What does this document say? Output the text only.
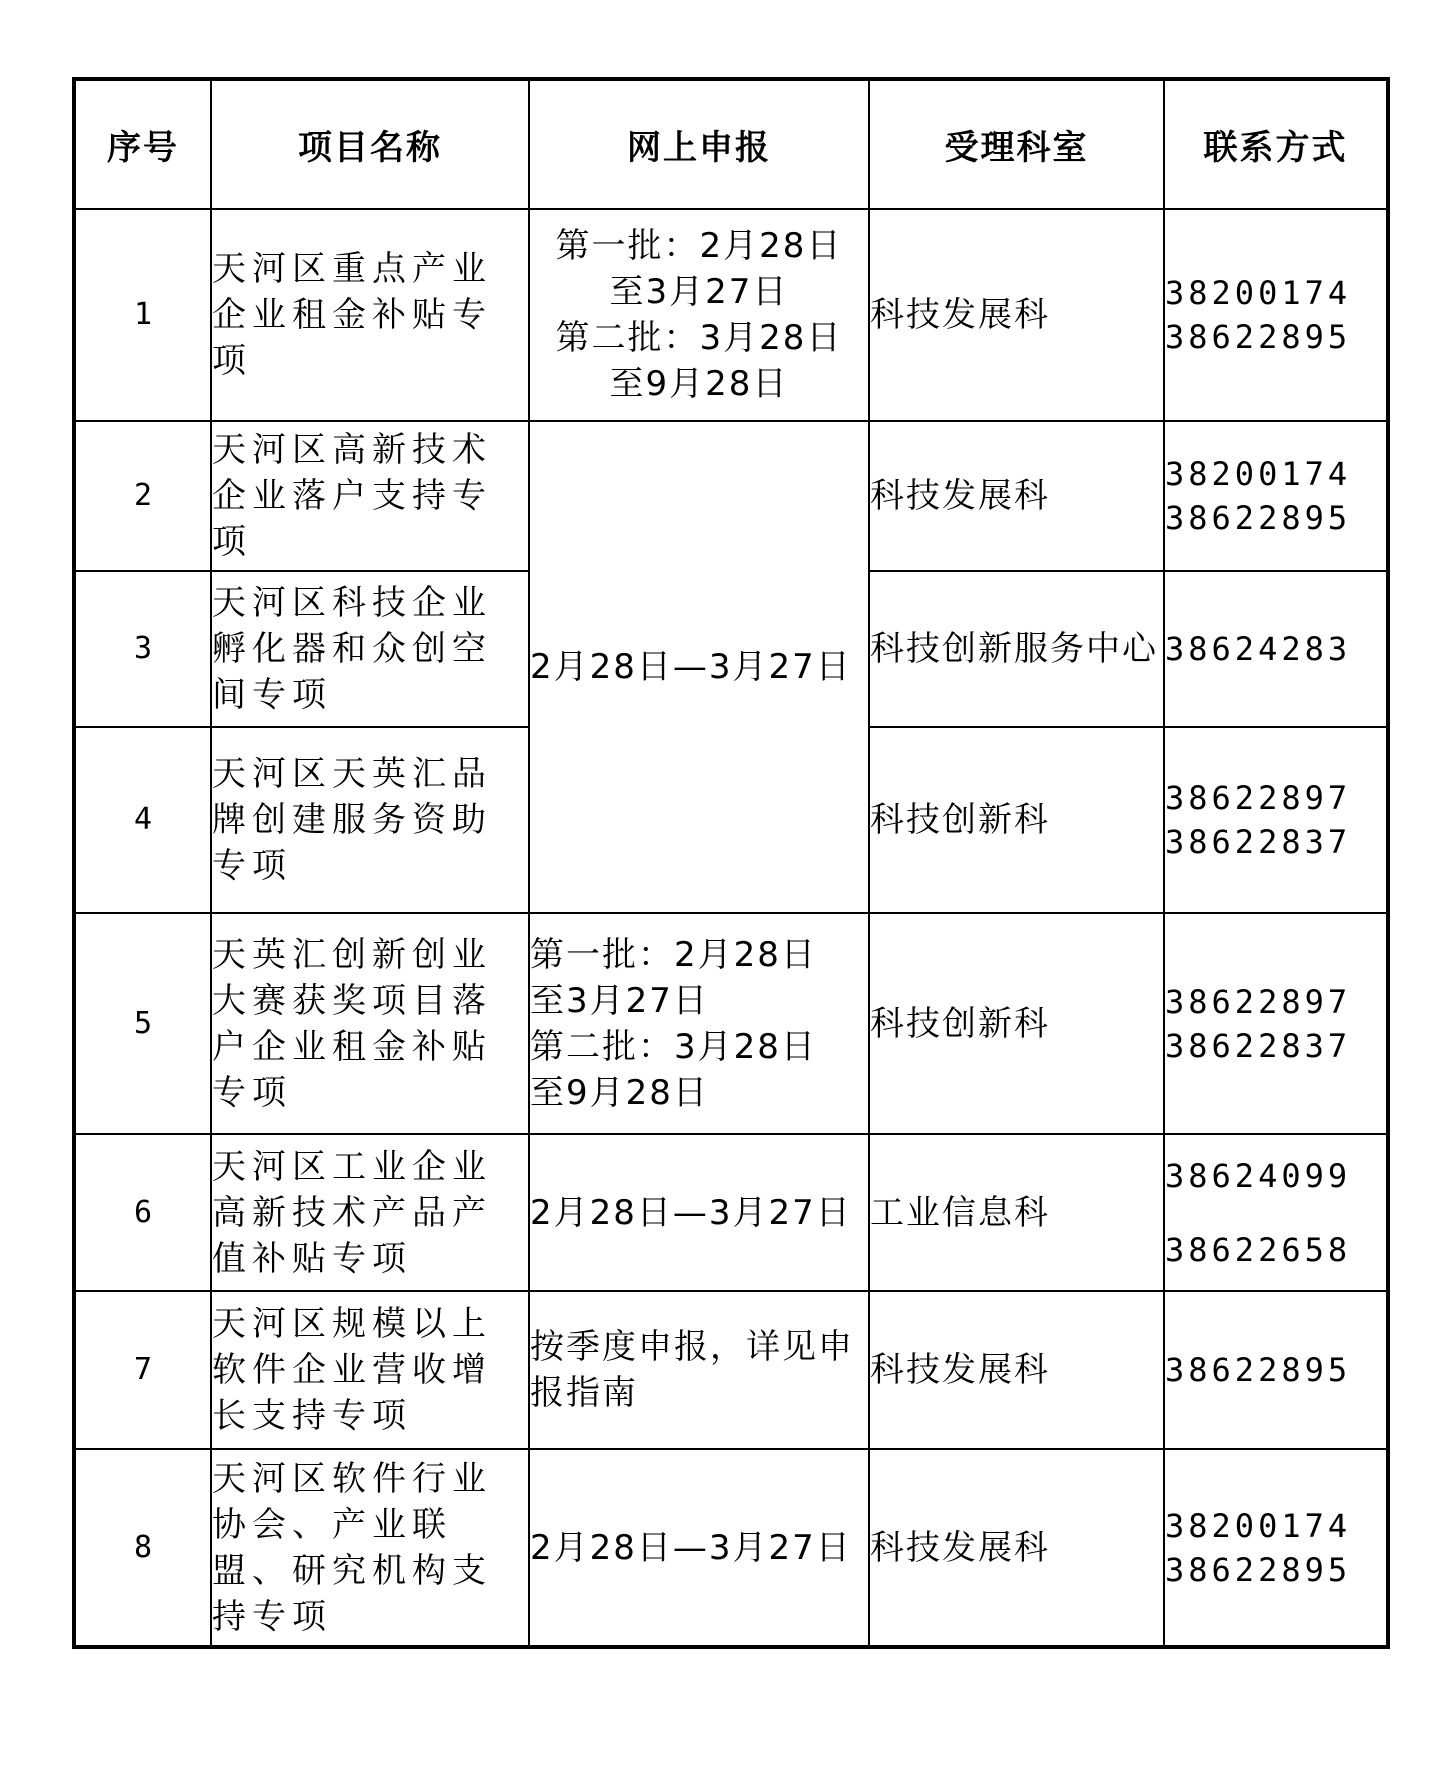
序号	项目名称	网上申报	受理科室	联系方式
1	天河区重点产业企业租金补贴专项	第一批：2月28日
至3月27日
第二批：3月28日
至9月28日	科技发展科	38200174
38622895

2	天河区高新技术企业落户支持专项	2月28日—3月27日	科技发展科	38200174
38622895

3	天河区科技企业孵化器和众创空间专项		科技创新服务中心	38624283

4	天河区天英汇品牌创建服务资助专项		科技创新科	38622897
38622837

5	天英汇创新创业大赛获奖项目落户企业租金补贴专项	第一批：2月28日
至3月27日
第二批：3月28日
至9月28日	科技创新科	38622897
38622837

6	天河区工业企业高新技术产品产值补贴专项	2月28日—3月27日	工业信息科	38624099
38622658

7	天河区规模以上软件企业营收增长支持专项	按季度申报，详见申报指南	科技发展科	38622895

8	天河区软件行业协会、产业联盟、研究机构支持专项	2月28日—3月27日	科技发展科	38200174
38622895
